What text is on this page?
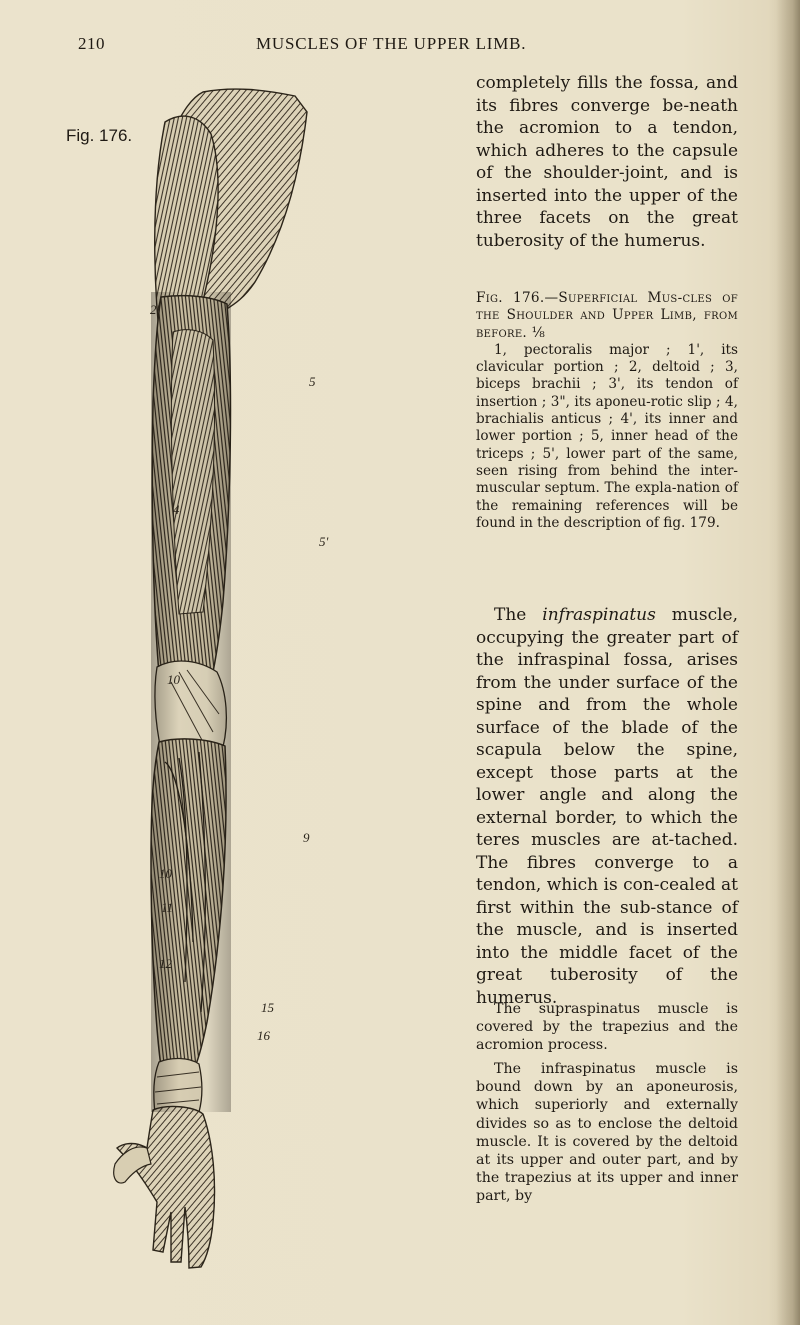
210	MUSCLES OF THE UPPER LIMB.
Fig. 176.
2'
5
4
5'
10
9
10
11
12
15
16

completely fills the fossa, and its fibres converge be-neath the acromion to a tendon, which adheres to the capsule of the shoulder-joint, and is inserted into the upper of the three facets on the great tuberosity of the humerus.

Fig. 176.—Superficial Mus-cles of the Shoulder and Upper Limb, from before. ⅛
1, pectoralis major ; 1', its clavicular portion ; 2, deltoid ; 3, biceps brachii ; 3', its tendon of insertion ; 3", its aponeu-rotic slip ; 4, brachialis anticus ; 4', its inner and lower portion ; 5, inner head of the triceps ; 5', lower part of the same, seen rising from behind the inter-muscular septum. The expla-nation of the remaining references will be found in the description of fig. 179.

The infraspinatus muscle, occupying the greater part of the infraspinal fossa, arises from the under surface of the spine and from the whole surface of the blade of the scapula below the spine, except those parts at the lower angle and along the external border, to which the teres muscles are at-tached. The fibres converge to a tendon, which is con-cealed at first within the sub-stance of the muscle, and is inserted into the middle facet of the great tuberosity of the humerus.

The supraspinatus muscle is covered by the trapezius and the acromion process.

The infraspinatus muscle is bound down by an aponeurosis, which superiorly and externally divides so as to enclose the deltoid muscle. It is covered by the deltoid at its upper and outer part, and by the trapezius at its upper and inner part, by
